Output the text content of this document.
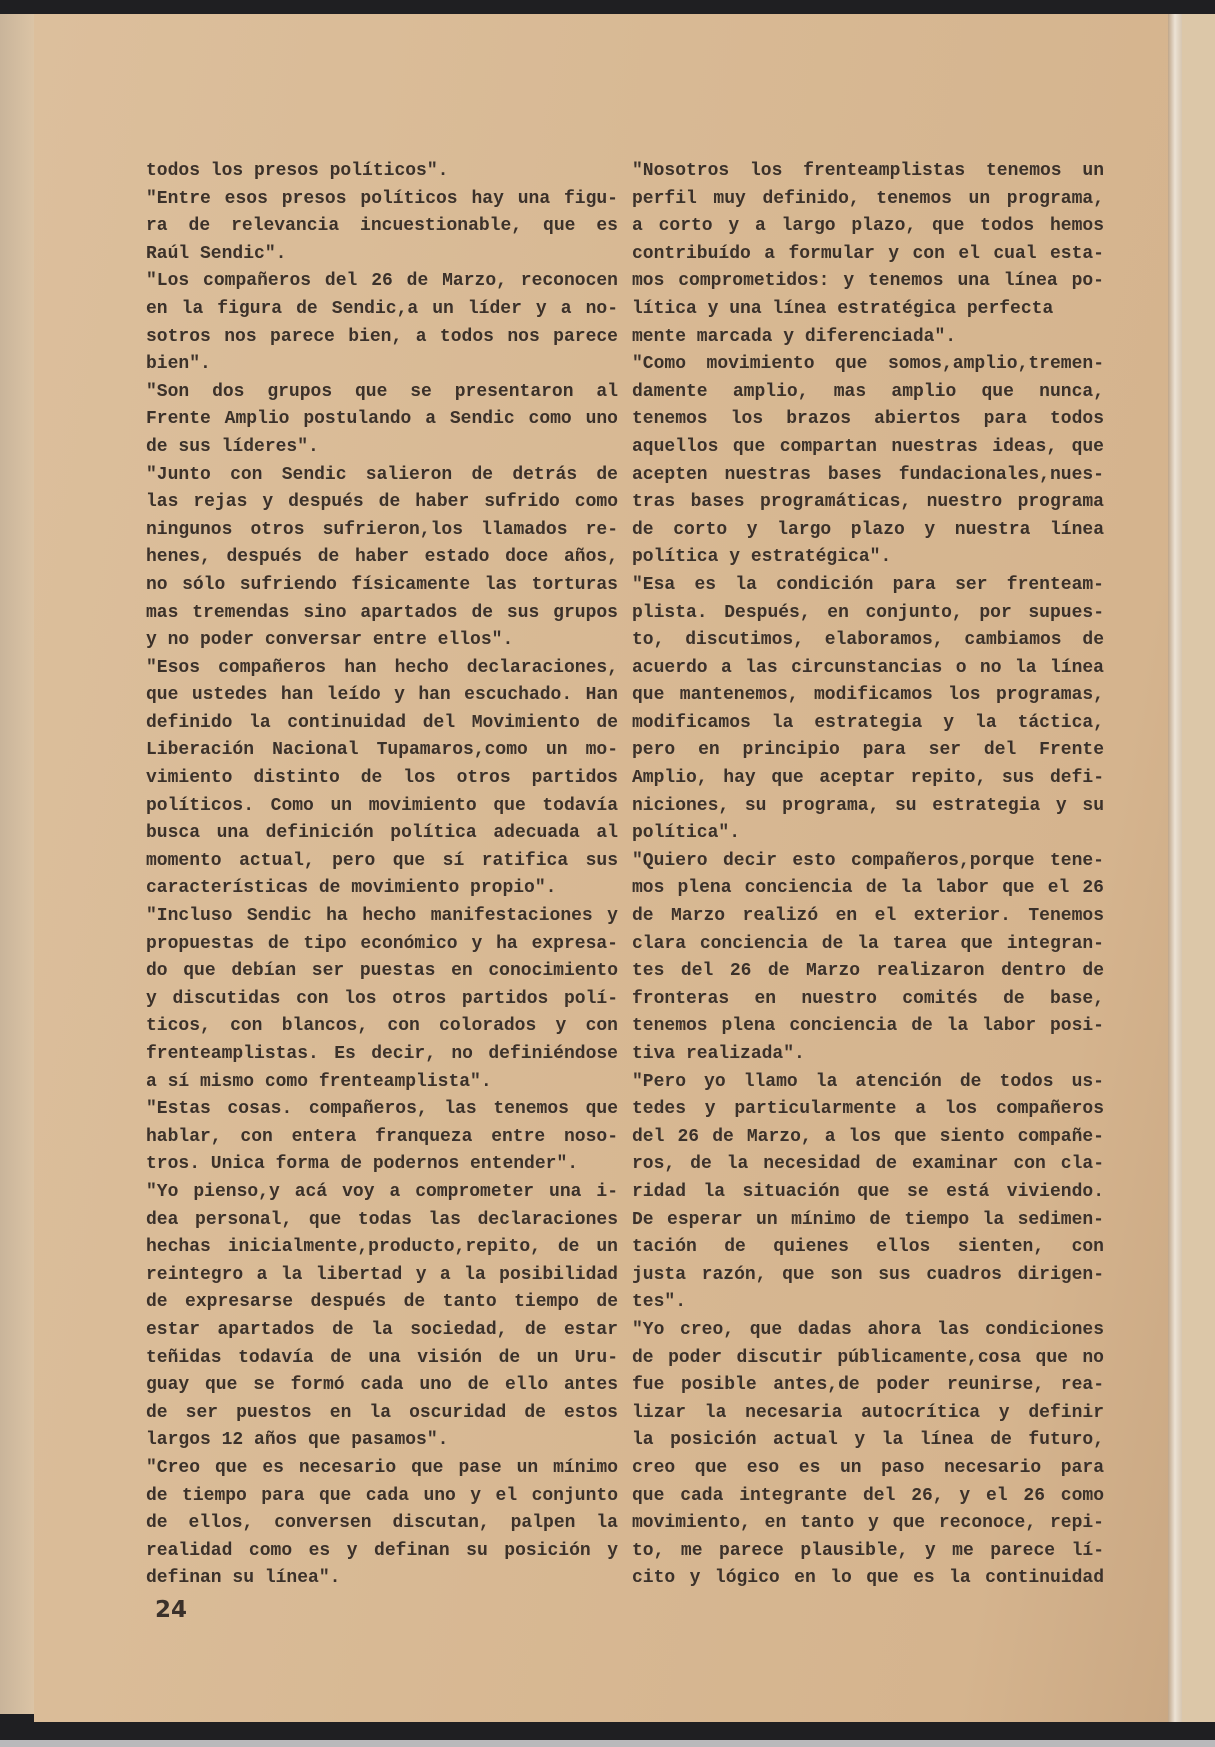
todos los presos políticos".
"Entre esos presos políticos hay una figu-
ra de relevancia incuestionable, que es
Raúl Sendic".
"Los compañeros del 26 de Marzo, reconocen
en la figura de Sendic,a un líder y a no-
sotros nos parece bien, a todos nos parece
bien".
"Son dos grupos que se presentaron al
Frente Amplio postulando a Sendic como uno
de sus líderes".
"Junto con Sendic salieron de detrás de
las rejas y después de haber sufrido como
ningunos otros sufrieron,los llamados re-
henes, después de haber estado doce años,
no sólo sufriendo físicamente las torturas
mas tremendas sino apartados de sus grupos
y no poder conversar entre ellos".
"Esos compañeros han hecho declaraciones,
que ustedes han leído y han escuchado. Han
definido la continuidad del Movimiento de
Liberación Nacional Tupamaros,como un mo-
vimiento distinto de los otros partidos
políticos. Como un movimiento que todavía
busca una definición política adecuada al
momento actual, pero que sí ratifica sus
características de movimiento propio".
"Incluso Sendic ha hecho manifestaciones y
propuestas de tipo económico y ha expresa-
do que debían ser puestas en conocimiento
y discutidas con los otros partidos polí-
ticos, con blancos, con colorados y con
frenteamplistas. Es decir, no definiéndose
a sí mismo como frenteamplista".
"Estas cosas. compañeros, las tenemos que
hablar, con entera franqueza entre noso-
tros. Unica forma de podernos entender".
"Yo pienso,y acá voy a comprometer una i-
dea personal, que todas las declaraciones
hechas inicialmente,producto,repito, de un
reintegro a la libertad y a la posibilidad
de expresarse después de tanto tiempo de
estar apartados de la sociedad, de estar
teñidas todavía de una visión de un Uru-
guay que se formó cada uno de ello antes
de ser puestos en la oscuridad de estos
largos 12 años que pasamos".
"Creo que es necesario que pase un mínimo
de tiempo para que cada uno y el conjunto
de ellos, conversen discutan, palpen la
realidad como es y definan su posición y
definan su línea".
"Nosotros los frenteamplistas tenemos un
perfil muy definido, tenemos un programa,
a corto y a largo plazo, que todos hemos
contribuído a formular y con el cual esta-
mos comprometidos: y tenemos una línea po-
lítica y una línea estratégica perfecta
mente marcada y diferenciada".
"Como movimiento que somos,amplio,tremen-
damente amplio, mas amplio que nunca,
tenemos los brazos abiertos para todos
aquellos que compartan nuestras ideas, que
acepten nuestras bases fundacionales,nues-
tras bases programáticas, nuestro programa
de corto y largo plazo y nuestra línea
política y estratégica".
"Esa es la condición para ser frenteam-
plista. Después, en conjunto, por supues-
to, discutimos, elaboramos, cambiamos de
acuerdo a las circunstancias o no la línea
que mantenemos, modificamos los programas,
modificamos la estrategia y la táctica,
pero en principio para ser del Frente
Amplio, hay que aceptar repito, sus defi-
niciones, su programa, su estrategia y su
política".
"Quiero decir esto compañeros,porque tene-
mos plena conciencia de la labor que el 26
de Marzo realizó en el exterior. Tenemos
clara conciencia de la tarea que integran-
tes del 26 de Marzo realizaron dentro de
fronteras en nuestro comités de base,
tenemos plena conciencia de la labor posi-
tiva realizada".
"Pero yo llamo la atención de todos us-
tedes y particularmente a los compañeros
del 26 de Marzo, a los que siento compañe-
ros, de la necesidad de examinar con cla-
ridad la situación que se está viviendo.
De esperar un mínimo de tiempo la sedimen-
tación de quienes ellos sienten, con
justa razón, que son sus cuadros dirigen-
tes".
"Yo creo, que dadas ahora las condiciones
de poder discutir públicamente,cosa que no
fue posible antes,de poder reunirse, rea-
lizar la necesaria autocrítica y definir
la posición actual y la línea de futuro,
creo que eso es un paso necesario para
que cada integrante del 26, y el 26 como
movimiento, en tanto y que reconoce, repi-
to, me parece plausible, y me parece lí-
cito y lógico en lo que es la continuidad
24
